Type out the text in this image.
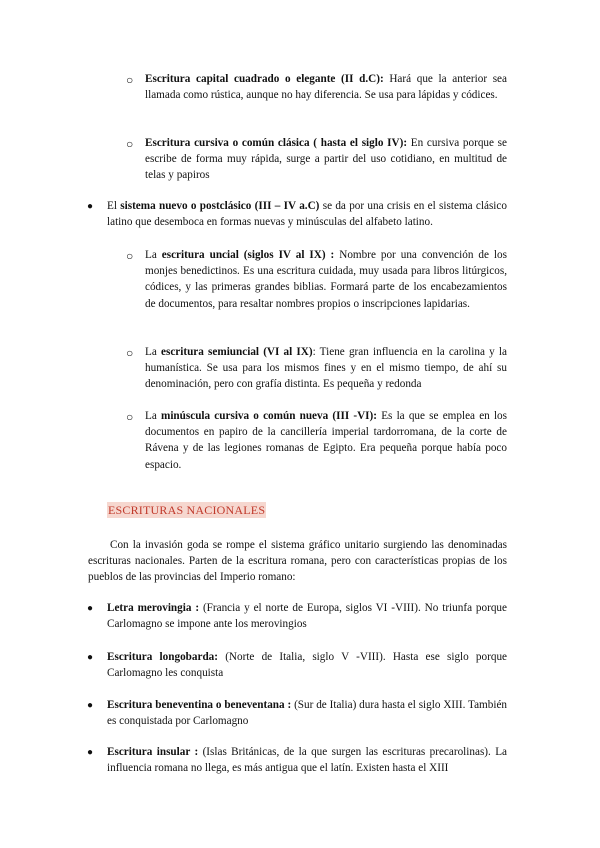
○ Escritura capital cuadrado o elegante (II d.C): Hará que la anterior sea llamada como rústica, aunque no hay diferencia. Se usa para lápidas y códices.

○ Escritura cursiva o común clásica ( hasta el siglo IV): En cursiva porque se escribe de forma muy rápida, surge a partir del uso cotidiano, en multitud de telas y papiros

● El sistema nuevo o postclásico (III – IV a.C) se da por una crisis en el sistema clásico latino que desemboca en formas nuevas y minúsculas del alfabeto latino.

○ La escritura uncial (siglos IV al IX) : Nombre por una convención de los monjes benedictinos. Es una escritura cuidada, muy usada para libros litúrgicos, códices, y las primeras grandes biblias. Formará parte de los encabezamientos de documentos, para resaltar nombres propios o inscripciones lapidarias.

○ La escritura semiuncial (VI al IX): Tiene gran influencia en la carolina y la humanística. Se usa para los mismos fines y en el mismo tiempo, de ahí su denominación, pero con grafía distinta. Es pequeña y redonda

○ La minúscula cursiva o común nueva (III -VI): Es la que se emplea en los documentos en papiro de la cancillería imperial tardorromana, de la corte de Rávena y de las legiones romanas de Egipto. Era pequeña porque había poco espacio.

ESCRITURAS NACIONALES

Con la invasión goda se rompe el sistema gráfico unitario surgiendo las denominadas escrituras nacionales. Parten de la escritura romana, pero con características propias de los pueblos de las provincias del Imperio romano:

● Letra merovingia : (Francia y el norte de Europa, siglos VI -VIII). No triunfa porque Carlomagno se impone ante los merovingios

● Escritura longobarda: (Norte de Italia, siglo V -VIII). Hasta ese siglo porque Carlomagno les conquista

● Escritura beneventina o beneventana : (Sur de Italia) dura hasta el siglo XIII. También es conquistada por Carlomagno

● Escritura insular : (Islas Británicas, de la que surgen las escrituras precarolinas). La influencia romana no llega, es más antigua que el latín. Existen hasta el XIII
